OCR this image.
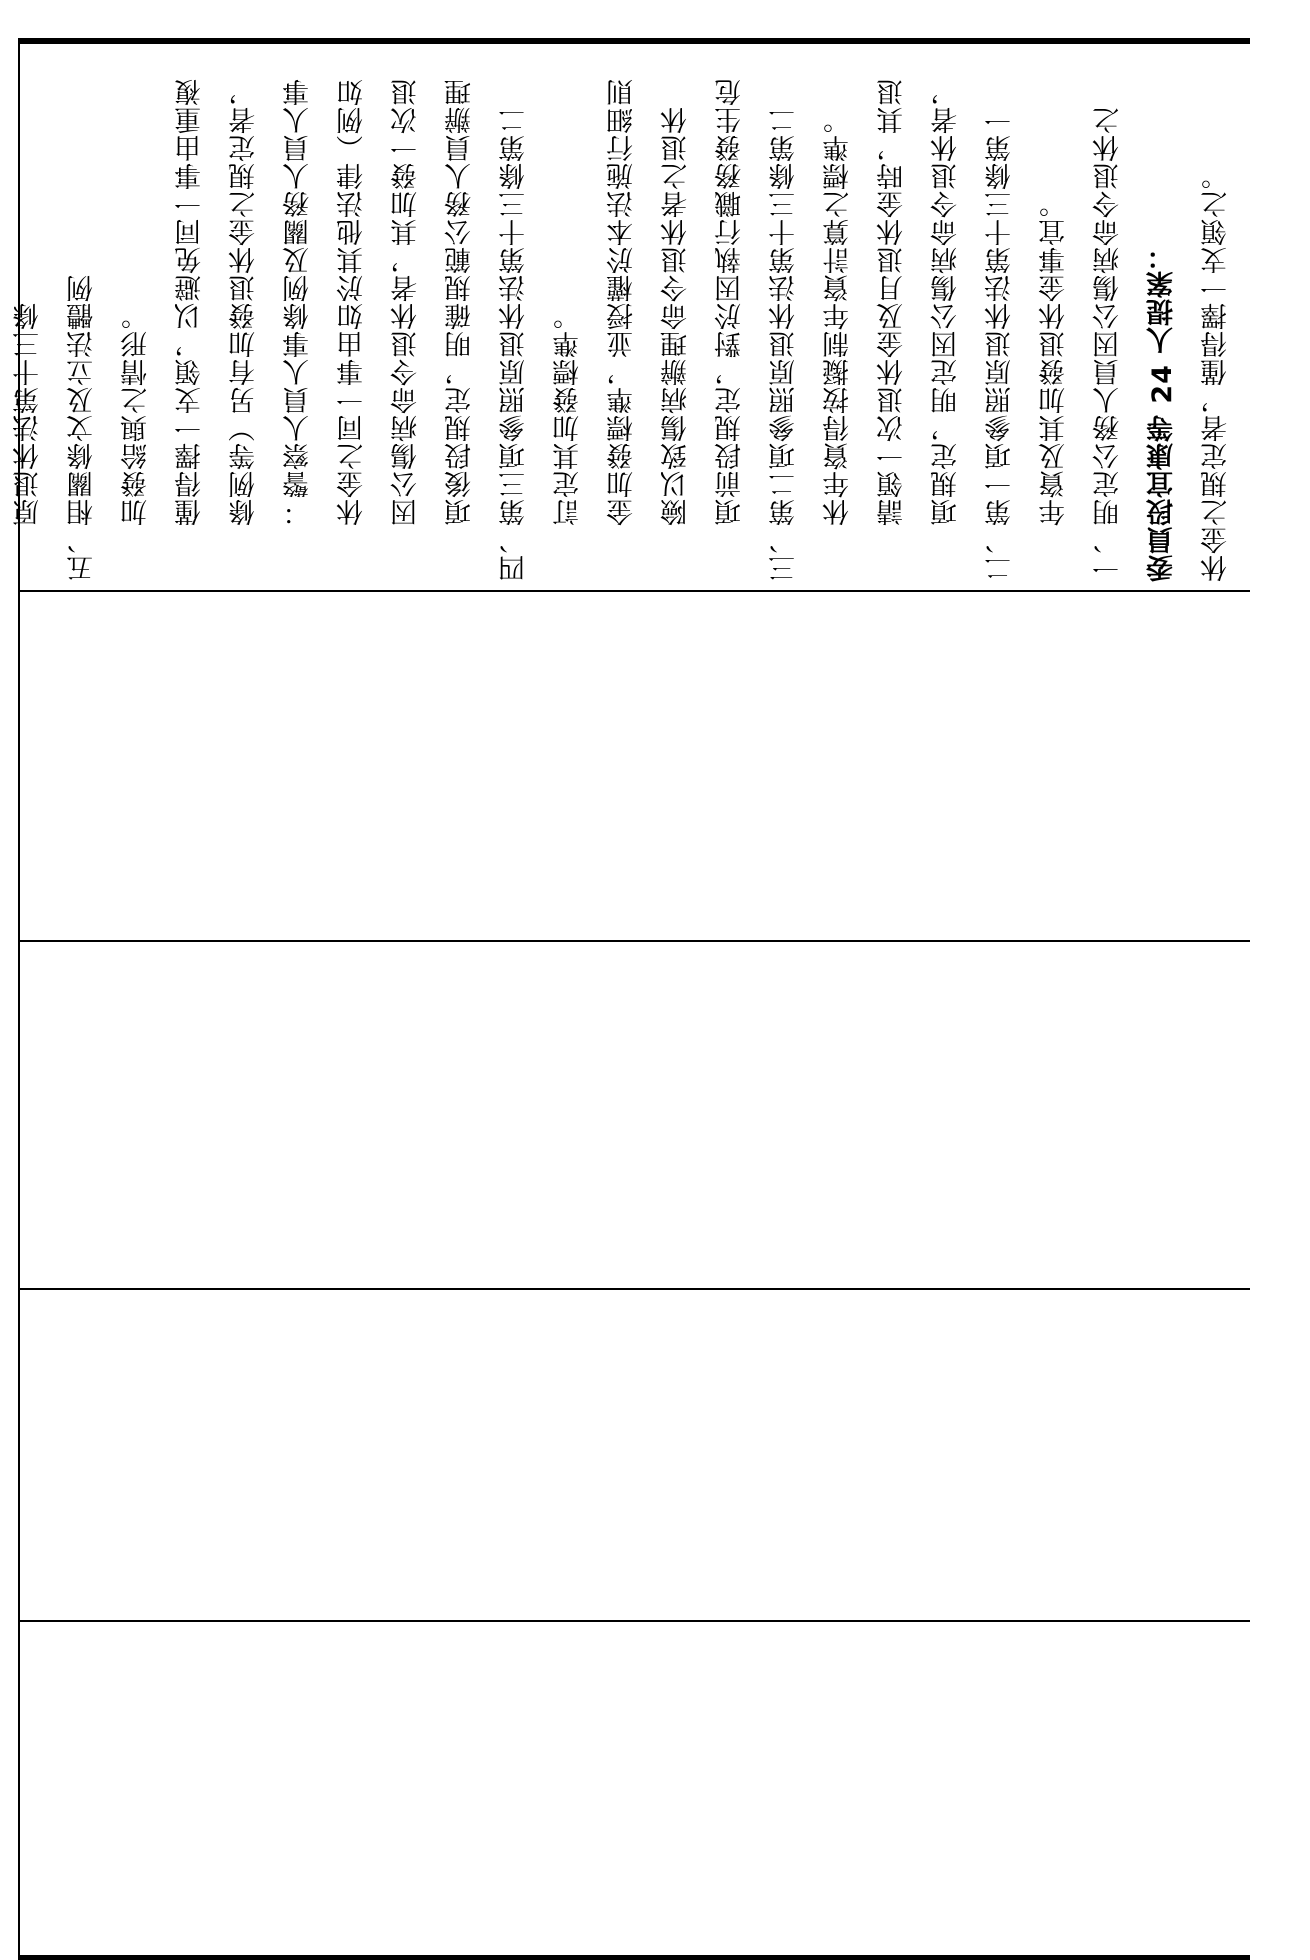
休金之規定者，僅得擇一支領之。
委員段宜康等 24 人提案：
一、明定公務人員因公傷病命令退休之
　　年資及其加發退休金事宜。
二、第一項參照原退休法第十三條第一
　　項規定，明定因公傷病命令退休者，
　　請領一次退休金及月退休金時，其退
　　休年資得按擬制年資計算之標準。
三、第二項參照原退休法第十三條第二
　　項前段規定，對於因執行職務發生危
　　險以致傷病辦理命令退休者之退休
　　金加發標準，並授權於本法施行細則
　　訂定其加發標準。
四、第三項參照原退休法第十三條第二
　　項後段規定，明確規範公務人員辦理
　　因公傷病命令退休者，其加發一次退
　　休金之同一事由如於其他法律（例如
　　：警察人員人事條例及關務人員人事
　　條例等）另有加發退休金之規定者，
　　僅得擇一支領，以避免同一事由重複
　　加發給與之情形。
五、相關條文及立法體例
　　原退休法第十三條
